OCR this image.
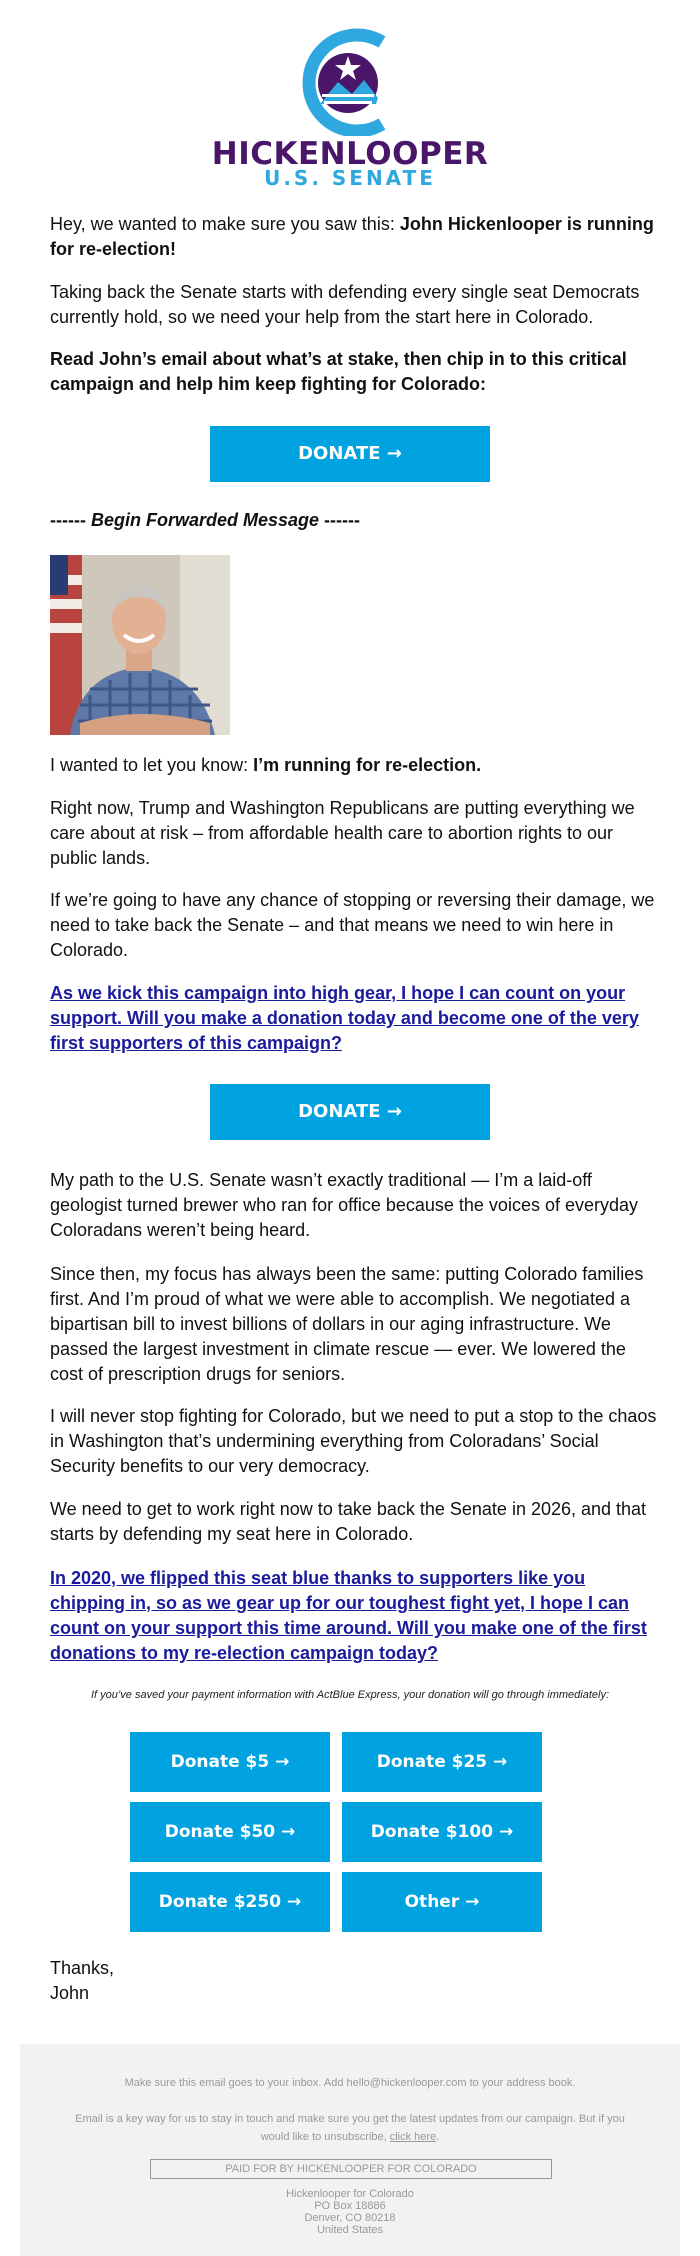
HICKENLOOPER
U.S. SENATE

Hey, we wanted to make sure you saw this: John Hickenlooper is running for re-election!

Taking back the Senate starts with defending every single seat Democrats currently hold, so we need your help from the start here in Colorado.

Read John’s email about what’s at stake, then chip in to this critical campaign and help him keep fighting for Colorado:

DONATE →
------ Begin Forwarded Message ------

I wanted to let you know: I’m running for re-election.

Right now, Trump and Washington Republicans are putting everything we care about at risk – from affordable health care to abortion rights to our public lands.

If we’re going to have any chance of stopping or reversing their damage, we need to take back the Senate – and that means we need to win here in Colorado.

As we kick this campaign into high gear, I hope I can count on your support. Will you make a donation today and become one of the very first supporters of this campaign?

DONATE →

My path to the U.S. Senate wasn’t exactly traditional — I’m a laid-off geologist turned brewer who ran for office because the voices of everyday Coloradans weren’t being heard.

Since then, my focus has always been the same: putting Colorado families first. And I’m proud of what we were able to accomplish. We negotiated a bipartisan bill to invest billions of dollars in our aging infrastructure. We passed the largest investment in climate rescue — ever. We lowered the cost of prescription drugs for seniors.

I will never stop fighting for Colorado, but we need to put a stop to the chaos in Washington that’s undermining everything from Coloradans’ Social Security benefits to our very democracy.

We need to get to work right now to take back the Senate in 2026, and that starts by defending my seat here in Colorado.

In 2020, we flipped this seat blue thanks to supporters like you chipping in, so as we gear up for our toughest fight yet, I hope I can count on your support this time around. Will you make one of the first donations to my re-election campaign today?

If you’ve saved your payment information with ActBlue Express, your donation will go through immediately:
Donate $5 →	Donate $25 →
Donate $50 →	Donate $100 →
Donate $250 →	Other →
Thanks,
John
Make sure this email goes to your inbox. Add hello@hickenlooper.com to your address book.
Email is a key way for us to stay in touch and make sure you get the latest updates from our campaign. But if you
would like to unsubscribe, click here.
PAID FOR BY HICKENLOOPER FOR COLORADO
Hickenlooper for Colorado
PO Box 18886
Denver, CO 80218
United States
